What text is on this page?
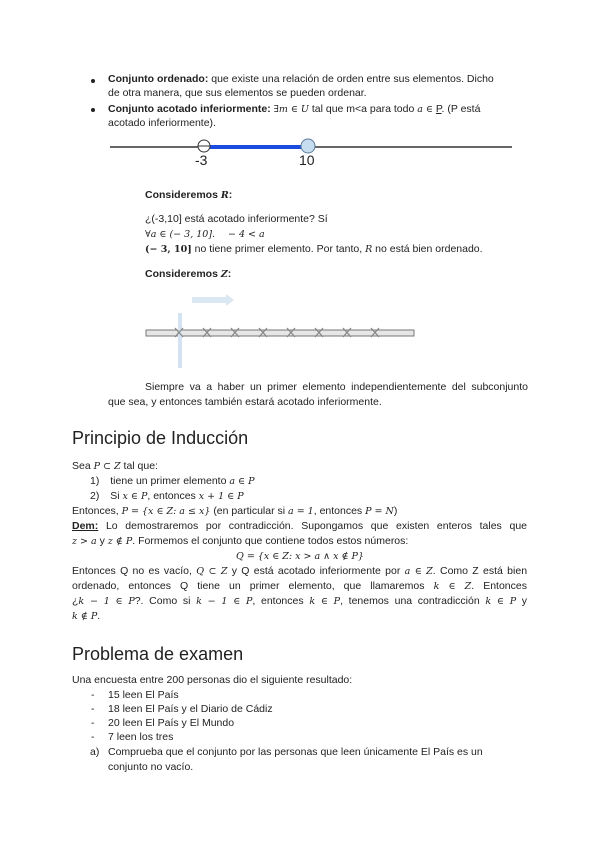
Conjunto ordenado: que existe una relación de orden entre sus elementos. Dicho
de otra manera, que sus elementos se pueden ordenar.
Conjunto acotado inferiormente: ∃m ∈ U tal que m<a para todo a ∈ P. (P está
acotado inferiormente).
-3	10
Consideremos R:
¿(-3,10] está acotado inferiormente? Sí
∀a ∈ (− 3, 10]. − 4 < a
(− 3, 10] no tiene primer elemento. Por tanto, R no está bien ordenado.
Consideremos Z:
Siempre va a haber un primer elemento independientemente del subconjunto
que sea, y entonces también estará acotado inferiormente.
Principio de Inducción
Sea P ⊂ Z tal que:
1) tiene un primer elemento a ∈ P
2) Si x ∈ P, entonces x + 1 ∈ P
Entonces, P = {x ∈ Z: a ≤ x} (en particular si a = 1, entonces P = N)
Dem: Lo demostraremos por contradicción. Supongamos que existen enteros tales que
z > a y z ∉ P. Formemos el conjunto que contiene todos estos números:
Q = {x ∈ Z: x > a ∧ x ∉ P}
Entonces Q no es vacío, Q ⊂ Z y Q está acotado inferiormente por a ∈ Z. Como Z está bien
ordenado, entonces Q tiene un primer elemento, que llamaremos k ∈ Z. Entonces
¿k − 1 ∈ P?. Como si k − 1 ∈ P, entonces k ∈ P, tenemos una contradicción k ∈ P y
k ∉ P.
Problema de examen
Una encuesta entre 200 personas dio el siguiente resultado:
- 15 leen El País
- 18 leen El País y el Diario de Cádiz
- 20 leen El País y El Mundo
- 7 leen los tres
a) Comprueba que el conjunto por las personas que leen únicamente El País es un
conjunto no vacío.
